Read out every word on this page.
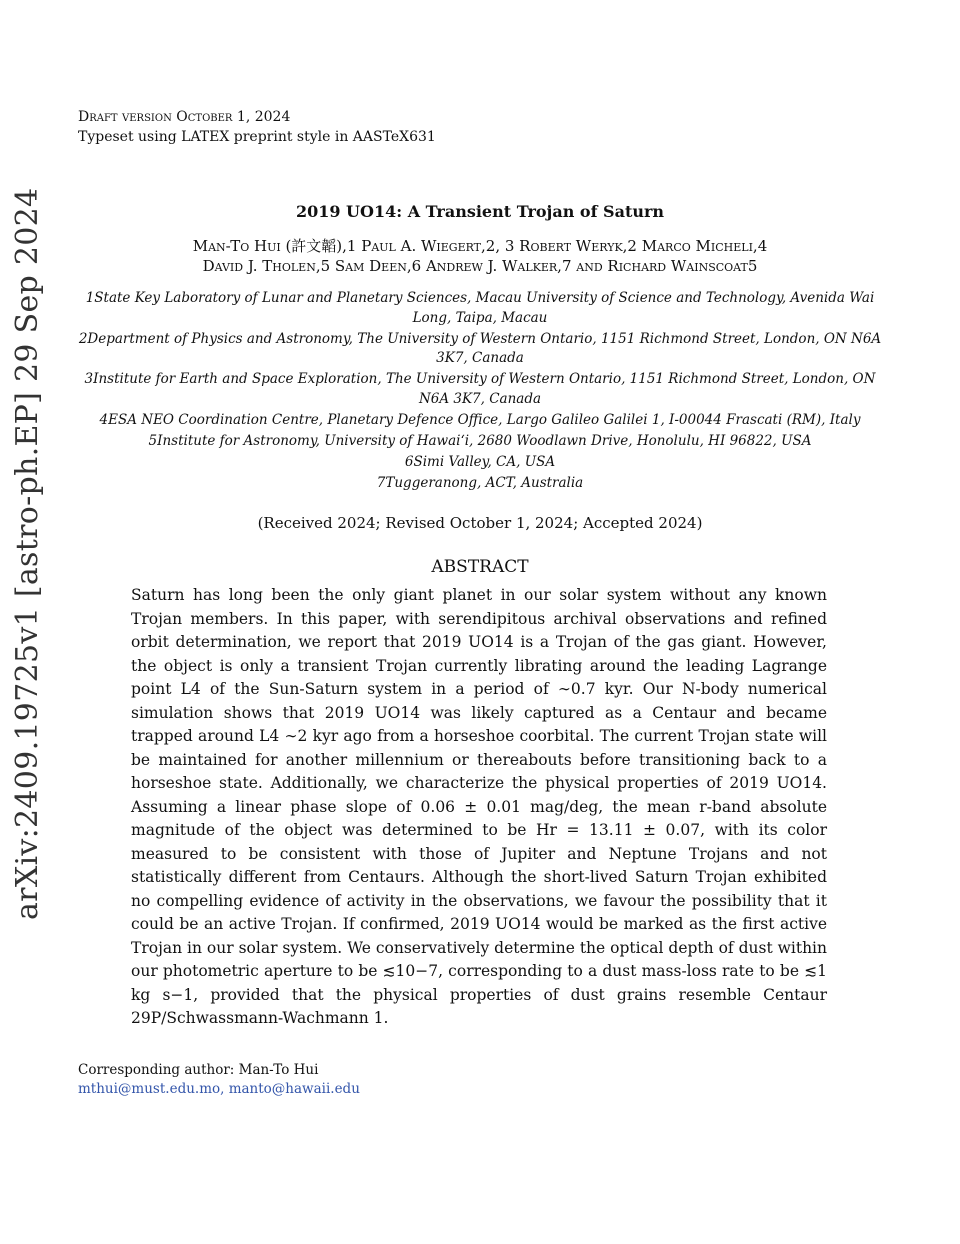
Draft version October 1, 2024
Typeset using LATEX preprint style in AASTeX631
arXiv:2409.19725v1 [astro-ph.EP] 29 Sep 2024	2019 UO14: A Transient Trojan of Saturn
Man-To Hui (許文韜),1 Paul A. Wiegert,2, 3 Robert Weryk,2 Marco Micheli,4
David J. Tholen,5 Sam Deen,6 Andrew J. Walker,7 and Richard Wainscoat5
1State Key Laboratory of Lunar and Planetary Sciences, Macau University of Science and Technology, Avenida Wai Long, Taipa, Macau
2Department of Physics and Astronomy, The University of Western Ontario, 1151 Richmond Street, London, ON N6A 3K7, Canada
3Institute for Earth and Space Exploration, The University of Western Ontario, 1151 Richmond Street, London, ON N6A 3K7, Canada
4ESA NEO Coordination Centre, Planetary Defence Office, Largo Galileo Galilei 1, I-00044 Frascati (RM), Italy
5Institute for Astronomy, University of Hawaiʻi, 2680 Woodlawn Drive, Honolulu, HI 96822, USA
6Simi Valley, CA, USA
7Tuggeranong, ACT, Australia
(Received 2024; Revised October 1, 2024; Accepted 2024)
ABSTRACT
Saturn has long been the only giant planet in our solar system without any known Trojan members. In this paper, with serendipitous archival observations and refined orbit determination, we report that 2019 UO14 is a Trojan of the gas giant. However, the object is only a transient Trojan currently librating around the leading Lagrange point L4 of the Sun-Saturn system in a period of ∼0.7 kyr. Our N-body numerical simulation shows that 2019 UO14 was likely captured as a Centaur and became trapped around L4 ∼2 kyr ago from a horseshoe coorbital. The current Trojan state will be maintained for another millennium or thereabouts before transitioning back to a horseshoe state. Additionally, we characterize the physical properties of 2019 UO14. Assuming a linear phase slope of 0.06 ± 0.01 mag/deg, the mean r-band absolute magnitude of the object was determined to be Hr = 13.11 ± 0.07, with its color measured to be consistent with those of Jupiter and Neptune Trojans and not statistically different from Centaurs. Although the short-lived Saturn Trojan exhibited no compelling evidence of activity in the observations, we favour the possibility that it could be an active Trojan. If confirmed, 2019 UO14 would be marked as the first active Trojan in our solar system. We conservatively determine the optical depth of dust within our photometric aperture to be ≲10−7, corresponding to a dust mass-loss rate to be ≲1 kg s−1, provided that the physical properties of dust grains resemble Centaur 29P/Schwassmann-Wachmann 1.
Corresponding author: Man-To Hui
mthui@must.edu.mo, manto@hawaii.edu
